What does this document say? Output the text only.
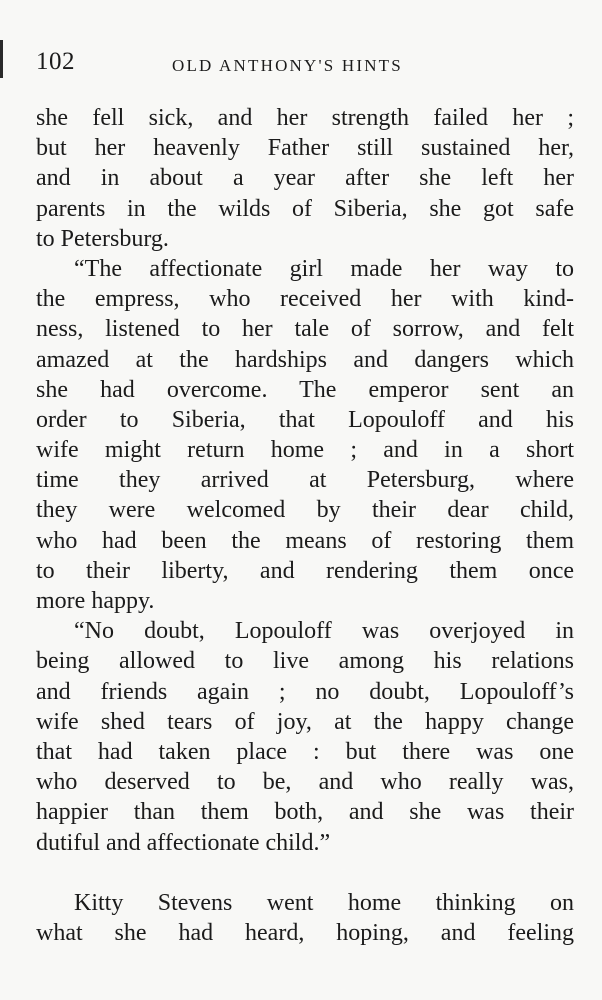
102	OLD ANTHONY'S HINTS
she fell sick, and her strength failed her ;
but her heavenly Father still sustained her,
and in about a year after she left her
parents in the wilds of Siberia, she got safe
to Petersburg.
“The affectionate girl made her way to
the empress, who received her with kind-
ness, listened to her tale of sorrow, and felt
amazed at the hardships and dangers which
she had overcome. The emperor sent an
order to Siberia, that Lopouloff and his
wife might return home ; and in a short
time they arrived at Petersburg, where
they were welcomed by their dear child,
who had been the means of restoring them
to their liberty, and rendering them once
more happy.
“No doubt, Lopouloff was overjoyed in
being allowed to live among his relations
and friends again ; no doubt, Lopouloff’s
wife shed tears of joy, at the happy change
that had taken place : but there was one
who deserved to be, and who really was,
happier than them both, and she was their
dutiful and affectionate child.”
Kitty Stevens went home thinking on
what she had heard, hoping, and feeling
